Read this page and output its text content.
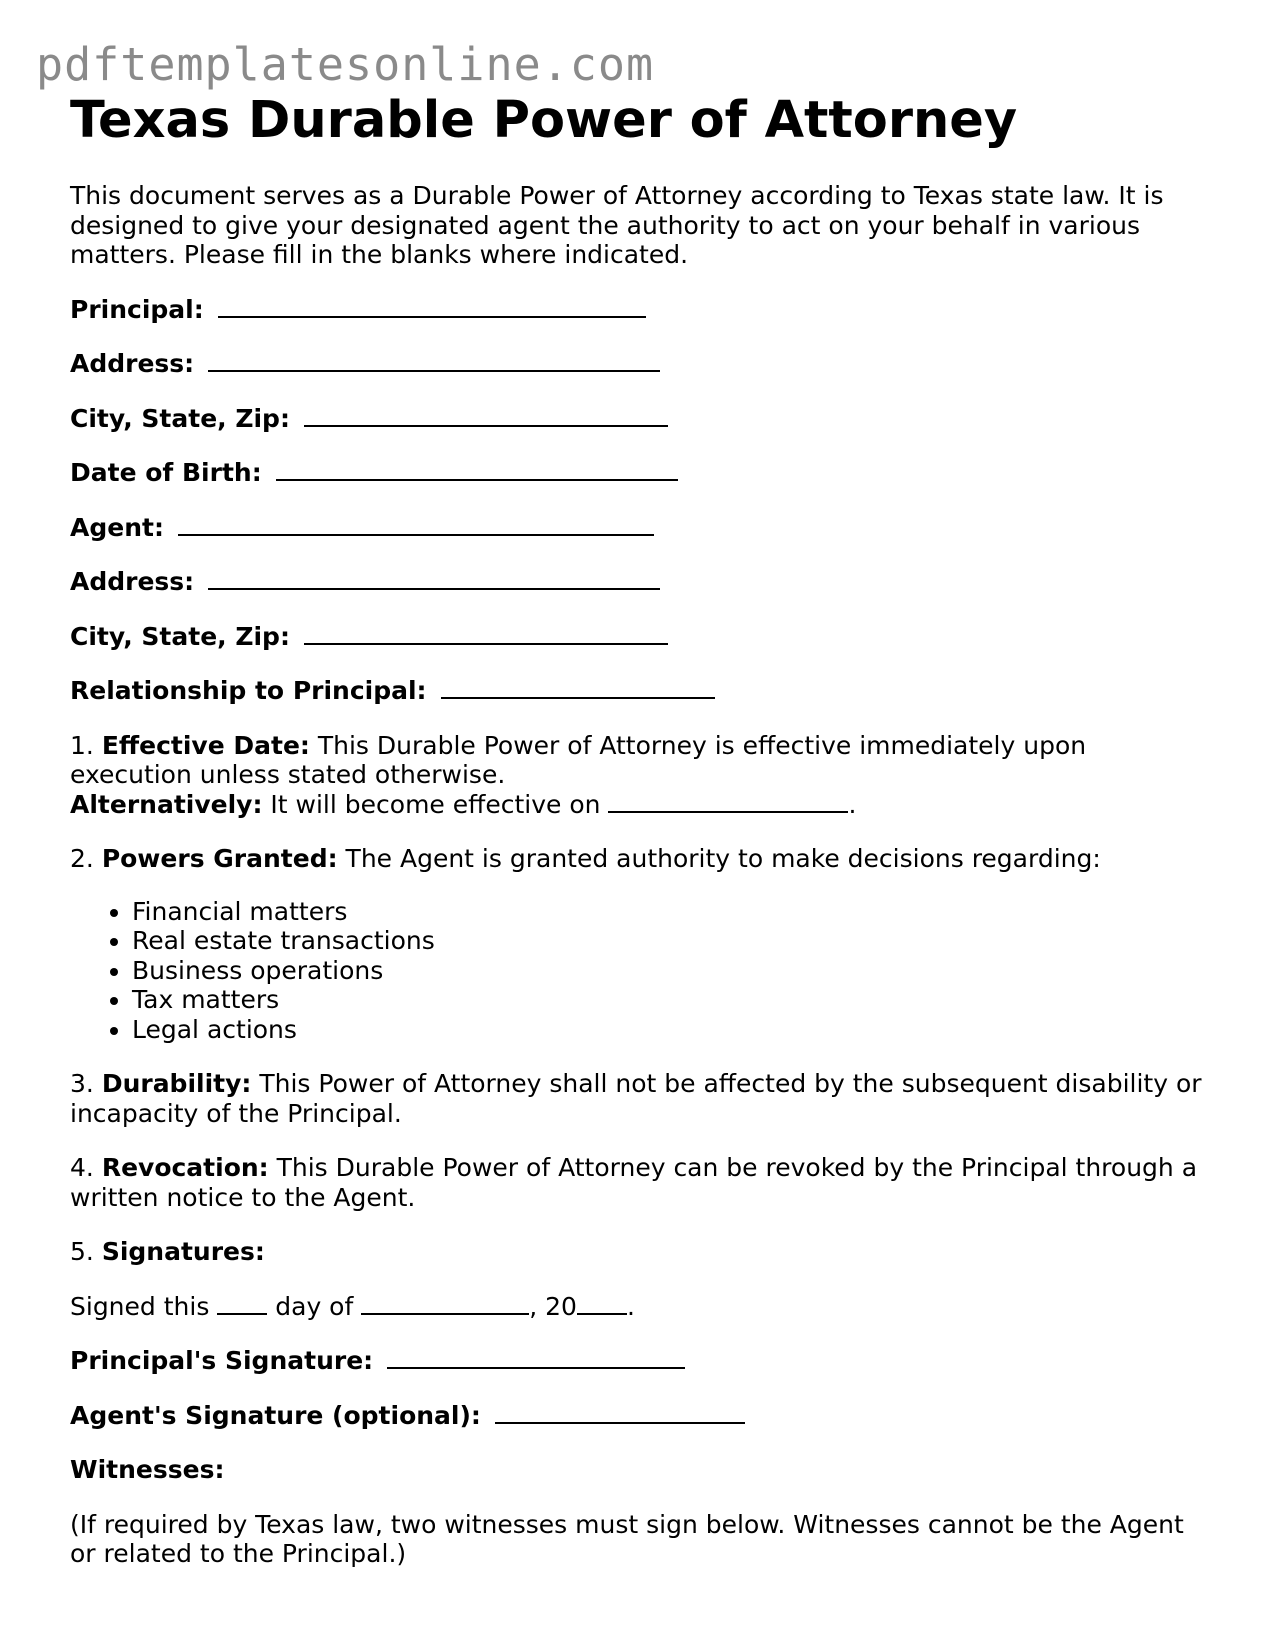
pdftemplatesonline.com
Texas Durable Power of Attorney

This document serves as a Durable Power of Attorney according to Texas state law. It is designed to give your designated agent the authority to act on your behalf in various matters. Please fill in the blanks where indicated.

Principal:

Address:

City, State, Zip:

Date of Birth:

Agent:

Address:

City, State, Zip:

Relationship to Principal:

1. Effective Date: This Durable Power of Attorney is effective immediately upon execution unless stated otherwise.
Alternatively: It will become effective on	.

2. Powers Granted: The Agent is granted authority to make decisions regarding:

• Financial matters
• Real estate transactions
• Business operations
• Tax matters
• Legal actions

3. Durability: This Power of Attorney shall not be affected by the subsequent disability or incapacity of the Principal.

4. Revocation: This Durable Power of Attorney can be revoked by the Principal through a written notice to the Agent.

5. Signatures:

Signed this	day of	, 20 .

Principal's Signature:

Agent's Signature (optional):

Witnesses:

(If required by Texas law, two witnesses must sign below. Witnesses cannot be the Agent or related to the Principal.)
